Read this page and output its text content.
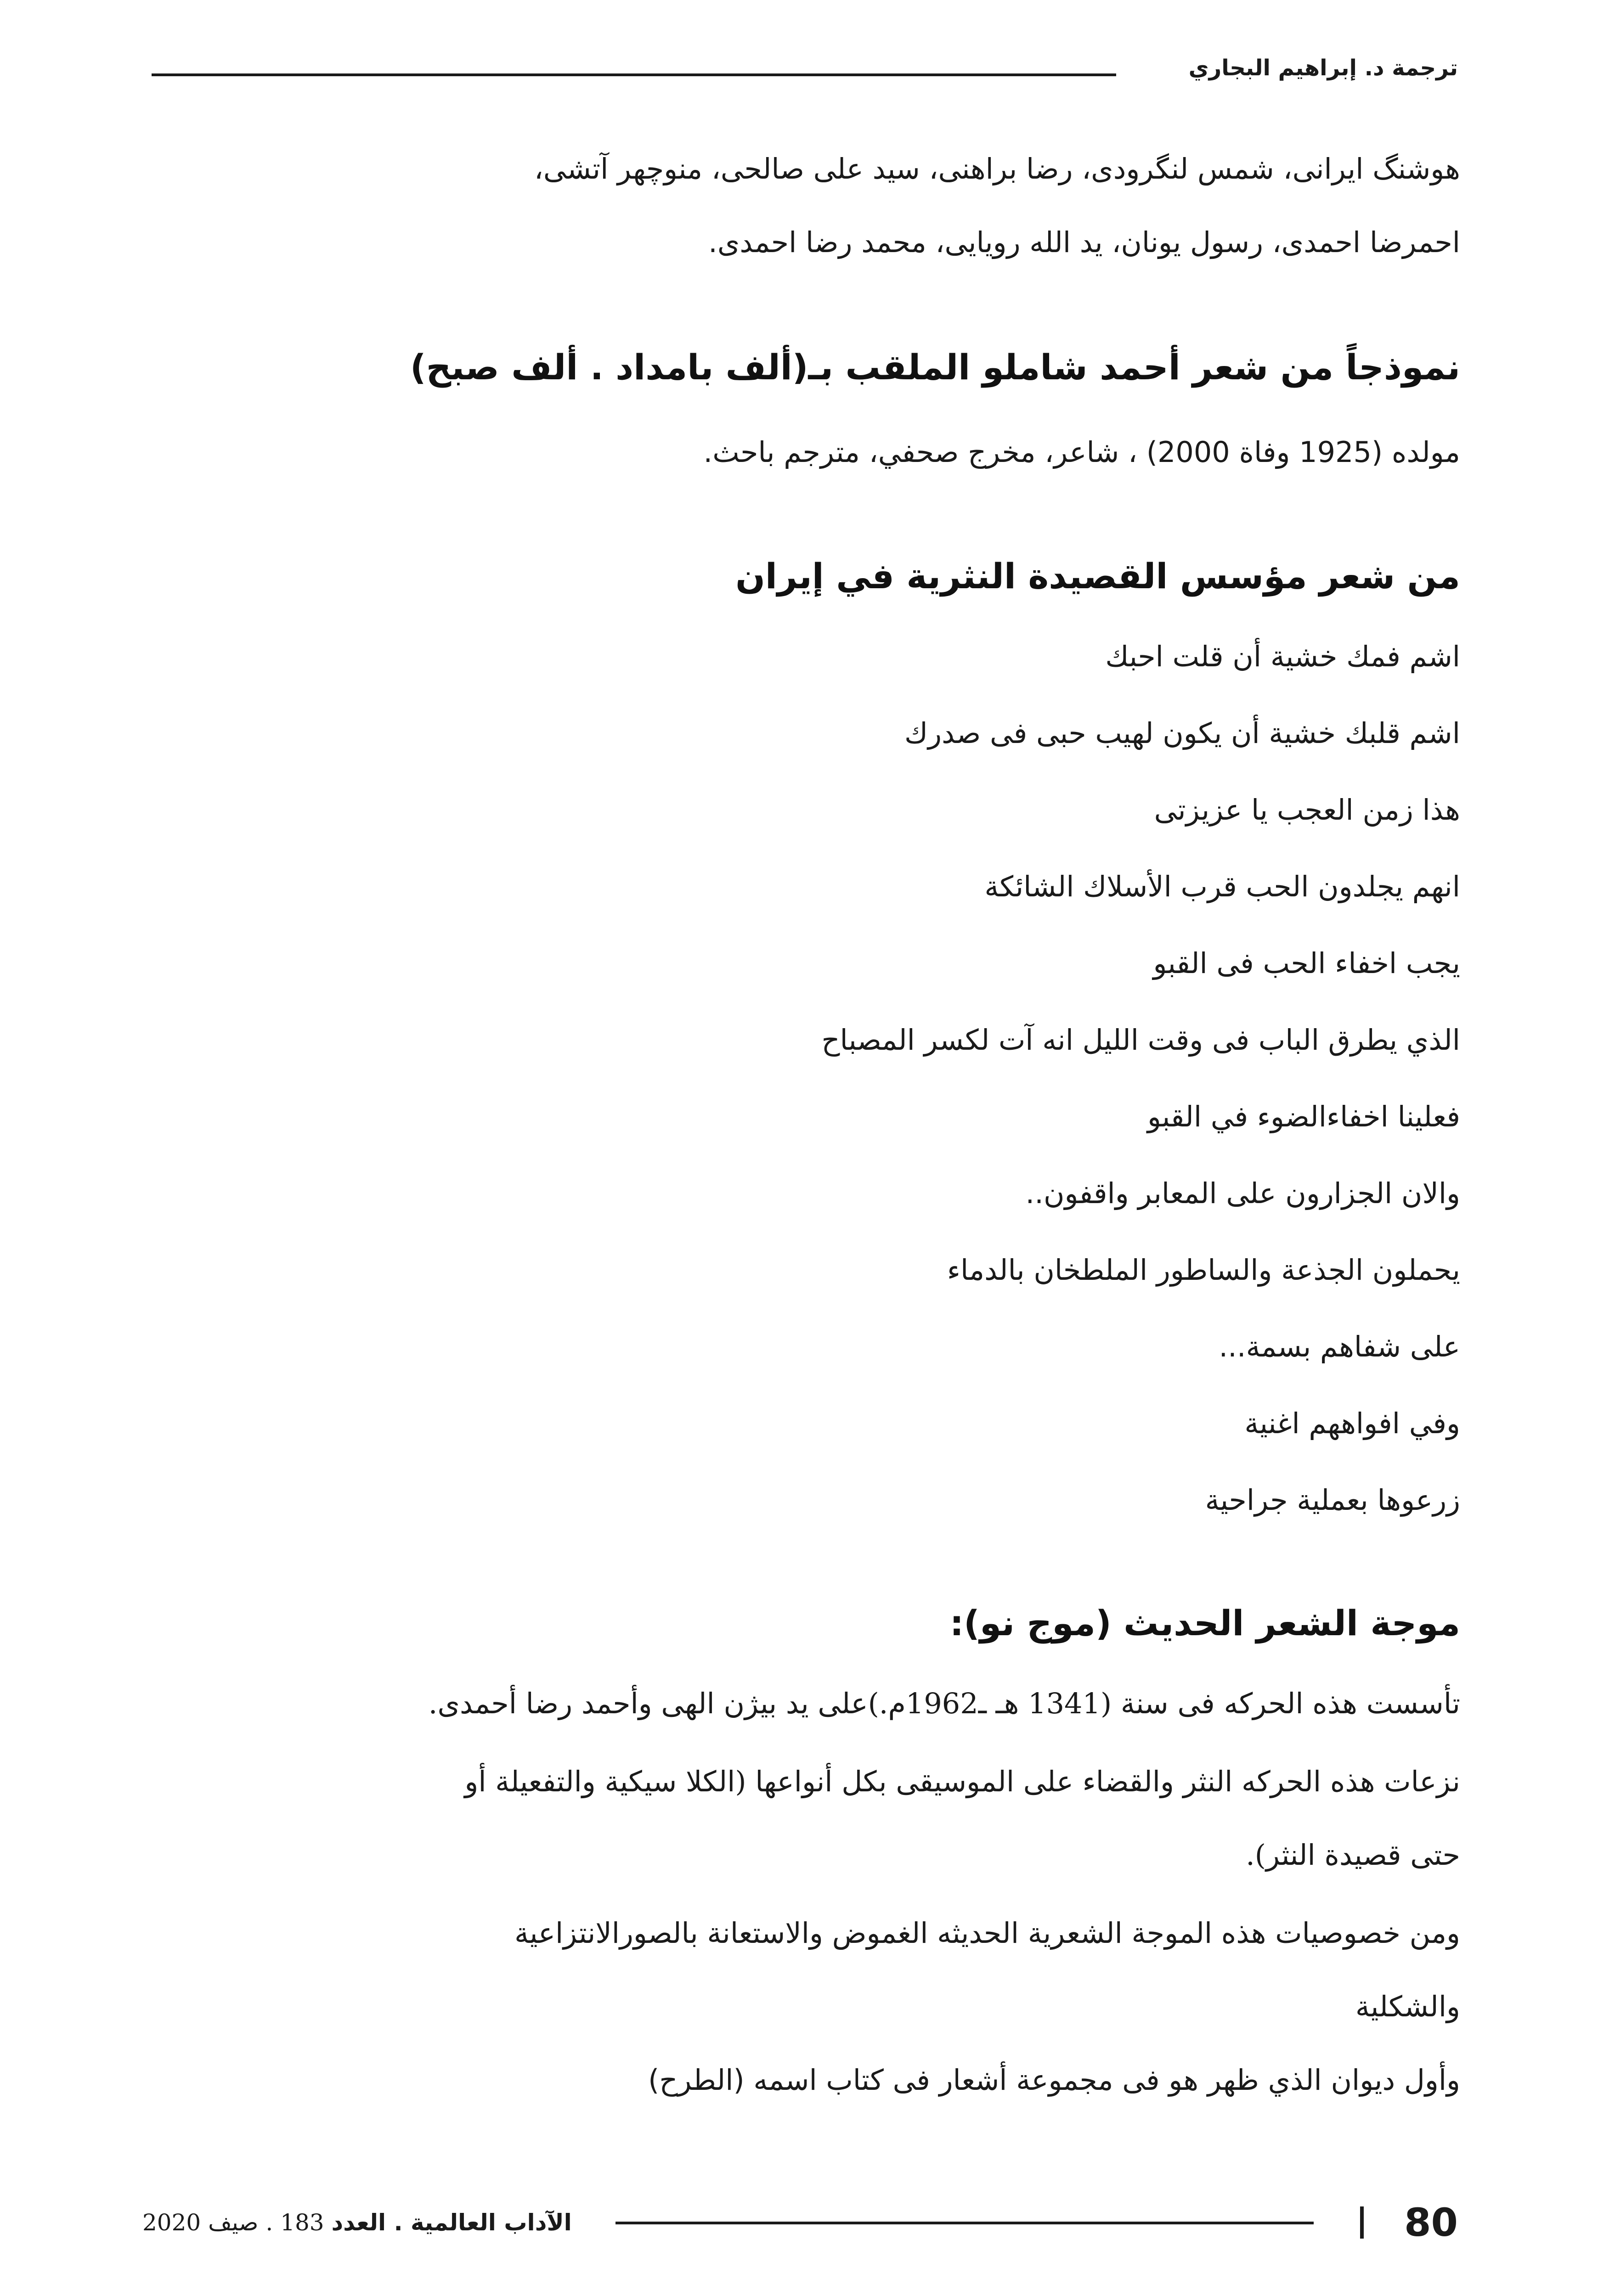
ترجمة د. إبراهيم البجاري
هوشنگ ایرانی، شمس لنگرودی، رضا براهنی، سید علی صالحی، منوچهر آتشی،
احمرضا احمدی، رسول یونان، يد الله رویایی، محمد رضا احمدی.
نموذجاً من شعر أحمد شاملو الملقب بـ(ألف بامداد . ألف صبح)
مولده (1925 وفاة 2000) ، شاعر، مخرج صحفي، مترجم باحث.
من شعر مؤسس القصيدة النثرية في إيران
اشم فمك خشية أن قلت احبك
اشم قلبك خشية أن يكون لهيب حبى فى صدرك
هذا زمن العجب يا عزيزتى
انهم يجلدون الحب قرب الأسلاك الشائكة
يجب اخفاء الحب فى القبو
الذي يطرق الباب فى وقت الليل انه آت لكسر المصباح
فعلينا اخفاءالضوء في القبو
والان الجزارون على المعابر واقفون..
يحملون الجذعة والساطور الملطخان بالدماء
على شفاهم بسمة...
وفي افواههم اغنية
زرعوها بعملية جراحية
موجة الشعر الحديث (موج نو):
تأسست هذه الحركه فى سنة (1341 هـ ـ1962م.)على يد بيژن الهى وأحمد رضا أحمدى.
نزعات هذه الحركه النثر والقضاء على الموسيقى بكل أنواعها (الكلا سيكية والتفعيلة أو
حتى قصيدة النثر).
ومن خصوصيات هذه الموجة الشعرية الحديثه الغموض والاستعانة بالصورالانتزاعية
والشكلية
وأول ديوان الذي ظهر هو فى مجموعة أشعار فى كتاب اسمه (الطرح)
80
الآداب العالمية . العدد 183 . صيف 2020
